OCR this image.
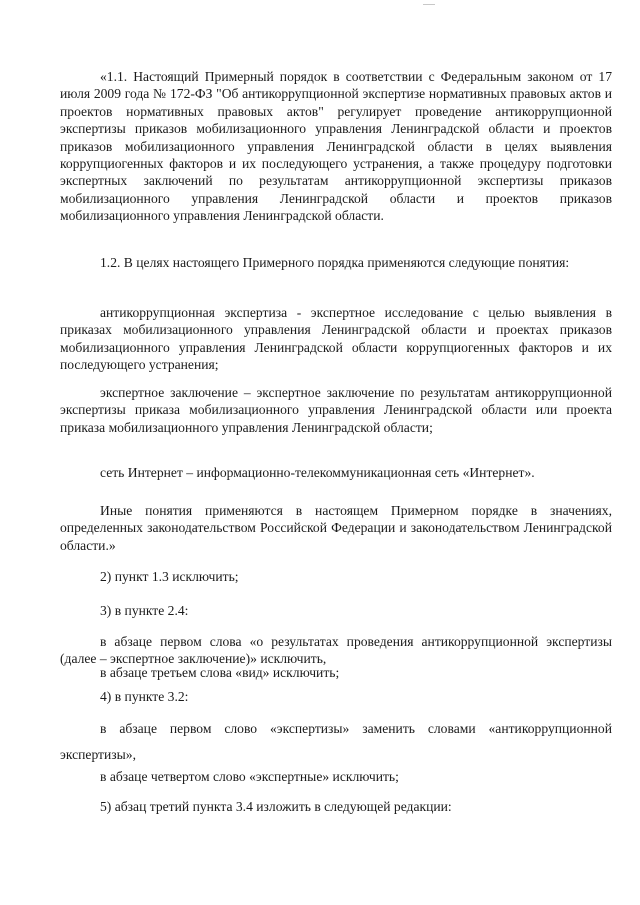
«1.1. Настоящий Примерный порядок в соответствии с Федеральным законом от 17 июля 2009 года № 172-ФЗ "Об антикоррупционной экспертизе нормативных правовых актов и проектов нормативных правовых актов" регулирует проведение антикоррупционной экспертизы приказов мобилизационного управления Ленинградской области и проектов приказов мобилизационного управления Ленинградской области в целях выявления коррупциогенных факторов и их последующего устранения, а также процедуру подготовки экспертных заключений по результатам антикоррупционной экспертизы приказов мобилизационного управления Ленинградской области и проектов приказов мобилизационного управления Ленинградской области.

1.2. В целях настоящего Примерного порядка применяются следующие понятия:

антикоррупционная экспертиза - экспертное исследование с целью выявления в приказах мобилизационного управления Ленинградской области и проектах приказов мобилизационного управления Ленинградской области коррупциогенных факторов и их последующего устранения;

экспертное заключение – экспертное заключение по результатам антикоррупционной экспертизы приказа мобилизационного управления Ленинградской области или проекта приказа мобилизационного управления Ленинградской области;

сеть Интернет – информационно-телекоммуникационная сеть «Интернет».

Иные понятия применяются в настоящем Примерном порядке в значениях, определенных законодательством Российской Федерации и законодательством Ленинградской области.»

2) пункт 1.3 исключить;

3) в пункте 2.4:

в абзаце первом слова «о результатах проведения антикоррупционной экспертизы (далее – экспертное заключение)» исключить,

в абзаце третьем слова «вид» исключить;

4) в пункте 3.2:

в абзаце первом слово «экспертизы» заменить словами «антикоррупционной экспертизы»,

в абзаце четвертом слово «экспертные» исключить;

5) абзац третий пункта 3.4 изложить в следующей редакции:
